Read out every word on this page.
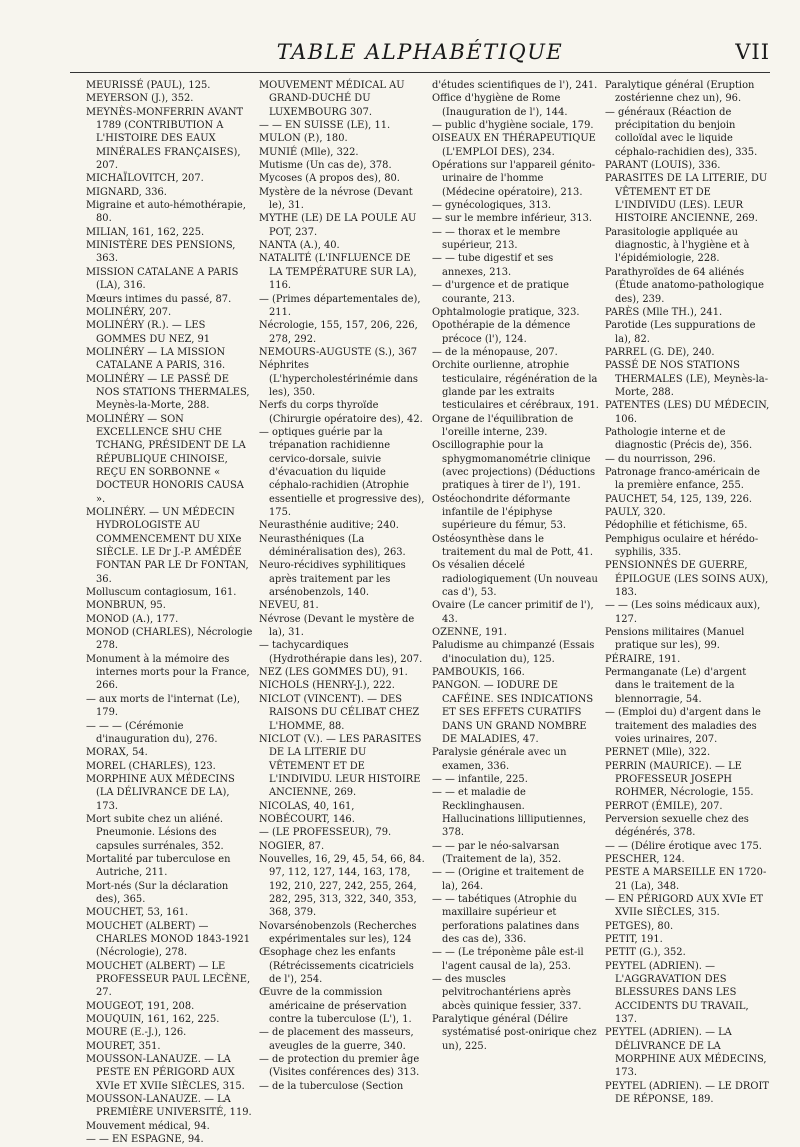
TABLE ALPHABÉTIQUE	VII

MEURISSÉ (PAUL), 125.

MEYERSON (J.), 352.

MEYNÈS-MONFERRIN AVANT 1789 (CONTRIBUTION A L'HISTOIRE DES EAUX MINÉRALES FRANÇAISES), 207.

MICHAÏLOVITCH, 207.

MIGNARD, 336.

Migraine et auto-hémothérapie, 80.

MILIAN, 161, 162, 225.

MINISTÈRE DES PENSIONS, 363.

MISSION CATALANE A PARIS (LA), 316.

Mœurs intimes du passé, 87.

MOLINÉRY, 207.

MOLINÉRY (R.). — LES GOMMES DU NEZ, 91

MOLINÉRY — LA MISSION CATALANE A PARIS, 316.

MOLINÉRY — LE PASSÉ DE NOS STATIONS THERMALES, Meynès-la-Morte, 288.

MOLINÉRY — SON EXCELLENCE SHU CHE TCHANG, PRÉSIDENT DE LA RÉPUBLIQUE CHINOISE, REÇU EN SORBONNE « DOCTEUR HONORIS CAUSA ».

MOLINÉRY. — UN MÉDECIN HYDROLOGISTE AU COMMENCEMENT DU XIXe SIÈCLE. LE Dr J.-P. AMÉDÉE FONTAN PAR LE Dr FONTAN, 36.

Molluscum contagiosum, 161.

MONBRUN, 95.

MONOD (A.), 177.

MONOD (CHARLES), Nécrologie 278.

Monument à la mémoire des internes morts pour la France, 266.

— aux morts de l'internat (Le), 179.

— — — (Cérémonie d'inauguration du), 276.

MORAX, 54.

MOREL (CHARLES), 123.

MORPHINE AUX MÉDECINS (LA DÉLIVRANCE DE LA), 173.

Mort subite chez un aliéné. Pneumonie. Lésions des capsules surrénales, 352.

Mortalité par tuberculose en Autriche, 211.

Mort-nés (Sur la déclaration des), 365.

MOUCHET, 53, 161.

MOUCHET (ALBERT) — CHARLES MONOD 1843-1921 (Nécrologie), 278.

MOUCHET (ALBERT) — LE PROFESSEUR PAUL LECÈNE, 27.

MOUGEOT, 191, 208.

MOUQUIN, 161, 162, 225.

MOURE (E.-J.), 126.

MOURET, 351.

MOUSSON-LANAUZE. — LA PESTE EN PÉRIGORD AUX XVIe ET XVIIe SIÈCLES, 315.

MOUSSON-LANAUZE. — LA PREMIÈRE UNIVERSITÉ, 119.

Mouvement médical, 94.

— — EN ESPAGNE, 94.

MOUVEMENT MÉDICAL AU GRAND-DUCHÉ DU LUXEMBOURG 307.

— — EN SUISSE (LE), 11.

MULON (P.), 180.

MUNIÉ (Mlle), 322.

Mutisme (Un cas de), 378.

Mycoses (A propos des), 80.

Mystère de la névrose (Devant le), 31.

MYTHE (LE) DE LA POULE AU POT, 237.

NANTA (A.), 40.

NATALITÉ (L'INFLUENCE DE LA TEMPÉRATURE SUR LA), 116.

— (Primes départementales de), 211.

Nécrologie, 155, 157, 206, 226, 278, 292.

NEMOURS-AUGUSTE (S.), 367

Néphrites (L'hypercholestérinémie dans les), 350.

Nerfs du corps thyroïde (Chirurgie opératoire des), 42.

— optiques guérie par la trépanation rachidienne cervico-dorsale, suivie d'évacuation du liquide céphalo-rachidien (Atrophie essentielle et progressive des), 175.

Neurasthénie auditive; 240.

Neurasthéniques (La déminéralisation des), 263.

Neuro-récidives syphilitiques après traitement par les arsénobenzols, 140.

NEVEU, 81.

Névrose (Devant le mystère de la), 31.

— tachycardiques (Hydrothérapie dans les), 207.

NEZ (LES GOMMES DU), 91.

NICHOLS (HENRY-J.), 222.

NICLOT (VINCENT). — DES RAISONS DU CÉLIBAT CHEZ L'HOMME, 88.

NICLOT (V.). — LES PARASITES DE LA LITERIE DU VÊTEMENT ET DE L'INDIVIDU. LEUR HISTOIRE ANCIENNE, 269.

NICOLAS, 40, 161,

NOBÉCOURT, 146.

— (LE PROFESSEUR), 79.

NOGIER, 87.

Nouvelles, 16, 29, 45, 54, 66, 84. 97, 112, 127, 144, 163, 178, 192, 210, 227, 242, 255, 264, 282, 295, 313, 322, 340, 353, 368, 379.

Novarsénobenzols (Recherches expérimentales sur les), 124

Œsophage chez les enfants (Rétrécissements cicatriciels de l'), 254.

Œuvre de la commission américaine de préservation contre la tuberculose (L'), 1.

— de placement des masseurs, aveugles de la guerre, 340.

— de protection du premier âge (Visites conférences des) 313.

— de la tuberculose (Section

d'études scientifiques de l'), 241.

Office d'hygiène de Rome (Inauguration de l'), 144.

— public d'hygiène sociale, 179.

OISEAUX EN THÉRAPEUTIQUE (L'EMPLOI DES), 234.

Opérations sur l'appareil génito-urinaire de l'homme (Médecine opératoire), 213.

— gynécologiques, 313.

— sur le membre inférieur, 313.

— — thorax et le membre supérieur, 213.

— — tube digestif et ses annexes, 213.

— d'urgence et de pratique courante, 213.

Ophtalmologie pratique, 323.

Opothérapie de la démence précoce (l'), 124.

— de la ménopause, 207.

Orchite ourlienne, atrophie testiculaire, régénération de la glande par les extraits testiculaires et cérébraux, 191.

Organe de l'équilibration de l'oreille interne, 239.

Oscillographie pour la sphygmomanométrie clinique (avec projections) (Déductions pratiques à tirer de l'), 191.

Ostéochondrite déformante infantile de l'épiphyse supérieure du fémur, 53.

Ostéosynthèse dans le traitement du mal de Pott, 41.

Os vésalien décelé radiologiquement (Un nouveau cas d'), 53.

Ovaire (Le cancer primitif de l'), 43.

OZENNE, 191.

Paludisme au chimpanzé (Essais d'inoculation du), 125.

PAMBOUKIS, 166.

PANGON. — IODURE DE CAFÉINE. SES INDICATIONS ET SES EFFETS CURATIFS DANS UN GRAND NOMBRE DE MALADIES, 47.

Paralysie générale avec un examen, 336.

— — infantile, 225.

— — et maladie de Recklinghausen. Hallucinations lilliputiennes, 378.

— — par le néo-salvarsan (Traitement de la), 352.

— — (Origine et traitement de la), 264.

— — tabétiques (Atrophie du maxillaire supérieur et perforations palatines dans des cas de), 336.

— — (Le tréponème pâle est-il l'agent causal de la), 253.

— des muscles pelvitrochantériens après abcès quinique fessier, 337.

Paralytique général (Délire systématisé post-onirique chez un), 225.

Paralytique général (Eruption zostérienne chez un), 96.

— généraux (Réaction de précipitation du benjoin colloïdal avec le liquide céphalo-rachidien des), 335.

PARANT (LOUIS), 336.

PARASITES DE LA LITERIE, DU VÊTEMENT ET DE L'INDIVIDU (LES). LEUR HISTOIRE ANCIENNE, 269.

Parasitologie appliquée au diagnostic, à l'hygiène et à l'épidémiologie, 228.

Parathyroïdes de 64 aliénés (Étude anatomo-pathologique des), 239.

PARÈS (Mlle TH.), 241.

Parotide (Les suppurations de la), 82.

PARREL (G. DE), 240.

PASSÉ DE NOS STATIONS THERMALES (LE), Meynès-la-Morte, 288.

PATENTES (LES) DU MÉDECIN, 106.

Pathologie interne et de diagnostic (Précis de), 356.

— du nourrisson, 296.

Patronage franco-américain de la première enfance, 255.

PAUCHET, 54, 125, 139, 226.

PAULY, 320.

Pédophilie et fétichisme, 65.

Pemphigus oculaire et hérédo-syphilis, 335.

PENSIONNÉS DE GUERRE, ÉPILOGUE (LES SOINS AUX), 183.

— — (Les soins médicaux aux), 127.

Pensions militaires (Manuel pratique sur les), 99.

PÉRAIRE, 191.

Permanganate (Le) d'argent dans le traitement de la blennorragie, 54.

— (Emploi du) d'argent dans le traitement des maladies des voies urinaires, 207.

PERNET (Mlle), 322.

PERRIN (MAURICE). — LE PROFESSEUR JOSEPH ROHMER, Nécrologie, 155.

PERROT (ÉMILE), 207.

Perversion sexuelle chez des dégénérés, 378.

— — (Délire érotique avec 175.

PESCHER, 124.

PESTE A MARSEILLE EN 1720-21 (La), 348.

— EN PÉRIGORD AUX XVIe ET XVIIe SIÈCLES, 315.

PETGES), 80.

PETIT, 191.

PETIT (G.), 352.

PEYTEL (ADRIEN). — L'AGGRAVATION DES BLESSURES DANS LES ACCIDENTS DU TRAVAIL, 137.

PEYTEL (ADRIEN). — LA DÉLIVRANCE DE LA MORPHINE AUX MÉDECINS, 173.

PEYTEL (ADRIEN). — LE DROIT DE RÉPONSE, 189.
